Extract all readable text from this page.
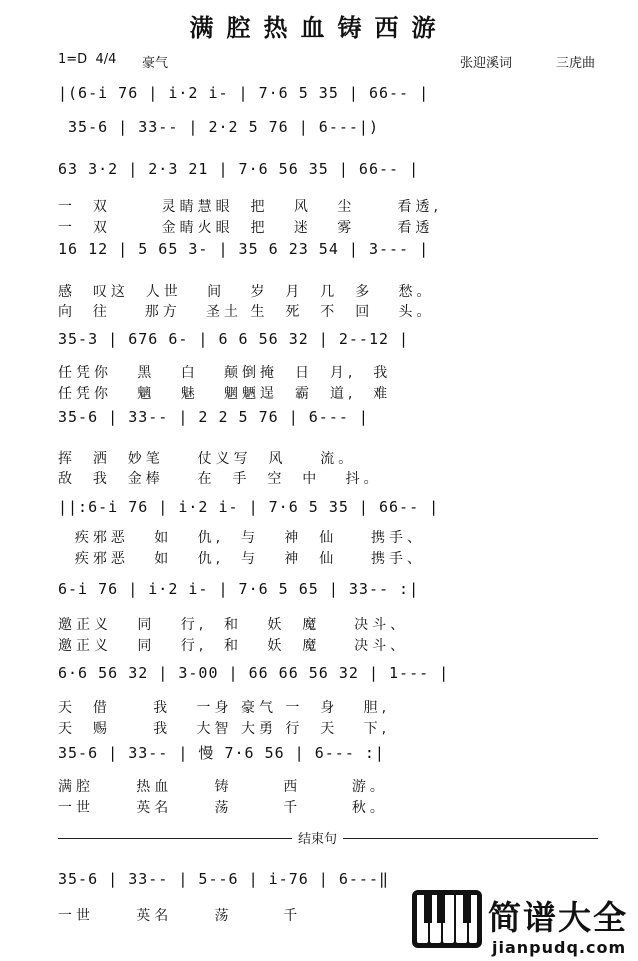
满腔热血铸西游
1=D  4/4 豪气	张迎溪词	三虎曲
|(6-i 76 | i·2 i- | 7·6 5 35 | 66-- |
35-6 | 33-- | 2·2 5 76 | 6---|)
63 3·2 | 2·3 21 | 7·6 56 35 | 66-- |
一  双      灵睛慧眼  把   风   尘     看透,
一  双      金睛火眼  把   迷   雾     看透
16 12 | 5 65 3- | 35 6 23 54 | 3--- |
感  叹这  人世   间   岁  月  几  多   愁。
向  往    那方   圣土 生  死  不  回   头。
35-3 | 676 6- | 6 6 56 32 | 2--12 |
任凭你   黑   白   颠倒掩  日  月,  我
任凭你   魑   魅   魍魉逞  霸  道,  难
35-6 | 33-- | 2 2 5 76 | 6--- |
挥  洒  妙笔    仗义写  风    流。
敌  我  金棒    在  手  空  中   抖。
||:6-i 76 | i·2 i- | 7·6 5 35 | 66-- |
疾邪恶   如   仇,  与   神  仙    携手、
疾邪恶   如   仇,  与   神  仙    携手、
6-i 76 | i·2 i- | 7·6 5 65 | 33-- :|
邀正义   同   行,  和   妖  魔    决斗、
邀正义   同   行,  和   妖  魔    决斗、
6·6 56 32 | 3-00 | 66 66 56 32 | 1--- |
天  借     我   一身 豪气 一  身   胆,
天  赐     我   大智 大勇 行  天   下,
35-6 | 33-- | 慢 7·6 56 | 6--- :|
满腔     热血     铸      西      游。
一世     英名     荡      千      秋。
结束句
35-6 | 33-- | 5--6 | i-76 | 6---‖
一世     英名     荡      千	简谱大全
jianpudq.com
